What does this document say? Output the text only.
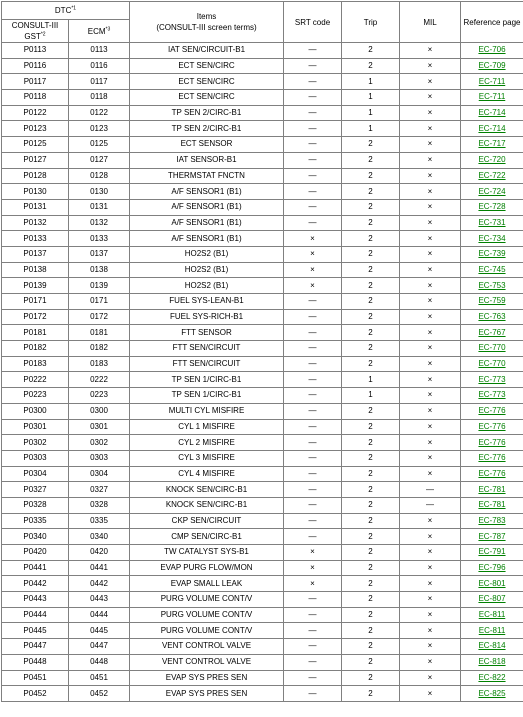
DTC$^{*1}$		Items
(CONSULT-III screen terms)	SRT code	Trip	MIL	Reference page
CONSULT-III
GST$^{*2}$	ECM$^{*3}$
P0113	0113	IAT SEN/CIRCUIT-B1	—	2	×	EC-706
P0116	0116	ECT SEN/CIRC	—	2	×	EC-709
P0117	0117	ECT SEN/CIRC	—	1	×	EC-711
P0118	0118	ECT SEN/CIRC	—	1	×	EC-711
P0122	0122	TP SEN 2/CIRC-B1	—	1	×	EC-714
P0123	0123	TP SEN 2/CIRC-B1	—	1	×	EC-714
P0125	0125	ECT SENSOR	—	2	×	EC-717
P0127	0127	IAT SENSOR-B1	—	2	×	EC-720
P0128	0128	THERMSTAT FNCTN	—	2	×	EC-722
P0130	0130	A/F SENSOR1 (B1)	—	2	×	EC-724
P0131	0131	A/F SENSOR1 (B1)	—	2	×	EC-728
P0132	0132	A/F SENSOR1 (B1)	—	2	×	EC-731
P0133	0133	A/F SENSOR1 (B1)	×	2	×	EC-734
P0137	0137	HO2S2 (B1)	×	2	×	EC-739
P0138	0138	HO2S2 (B1)	×	2	×	EC-745
P0139	0139	HO2S2 (B1)	×	2	×	EC-753
P0171	0171	FUEL SYS-LEAN-B1	—	2	×	EC-759
P0172	0172	FUEL SYS-RICH-B1	—	2	×	EC-763
P0181	0181	FTT SENSOR	—	2	×	EC-767
P0182	0182	FTT SEN/CIRCUIT	—	2	×	EC-770
P0183	0183	FTT SEN/CIRCUIT	—	2	×	EC-770
P0222	0222	TP SEN 1/CIRC-B1	—	1	×	EC-773
P0223	0223	TP SEN 1/CIRC-B1	—	1	×	EC-773
P0300	0300	MULTI CYL MISFIRE	—	2	×	EC-776
P0301	0301	CYL 1 MISFIRE	—	2	×	EC-776
P0302	0302	CYL 2 MISFIRE	—	2	×	EC-776
P0303	0303	CYL 3 MISFIRE	—	2	×	EC-776
P0304	0304	CYL 4 MISFIRE	—	2	×	EC-776
P0327	0327	KNOCK SEN/CIRC-B1	—	2	—	EC-781
P0328	0328	KNOCK SEN/CIRC-B1	—	2	—	EC-781
P0335	0335	CKP SEN/CIRCUIT	—	2	×	EC-783
P0340	0340	CMP SEN/CIRC-B1	—	2	×	EC-787
P0420	0420	TW CATALYST SYS-B1	×	2	×	EC-791
P0441	0441	EVAP PURG FLOW/MON	×	2	×	EC-796
P0442	0442	EVAP SMALL LEAK	×	2	×	EC-801
P0443	0443	PURG VOLUME CONT/V	—	2	×	EC-807
P0444	0444	PURG VOLUME CONT/V	—	2	×	EC-811
P0445	0445	PURG VOLUME CONT/V	—	2	×	EC-811
P0447	0447	VENT CONTROL VALVE	—	2	×	EC-814
P0448	0448	VENT CONTROL VALVE	—	2	×	EC-818
P0451	0451	EVAP SYS PRES SEN	—	2	×	EC-822
P0452	0452	EVAP SYS PRES SEN	—	2	×	EC-825
